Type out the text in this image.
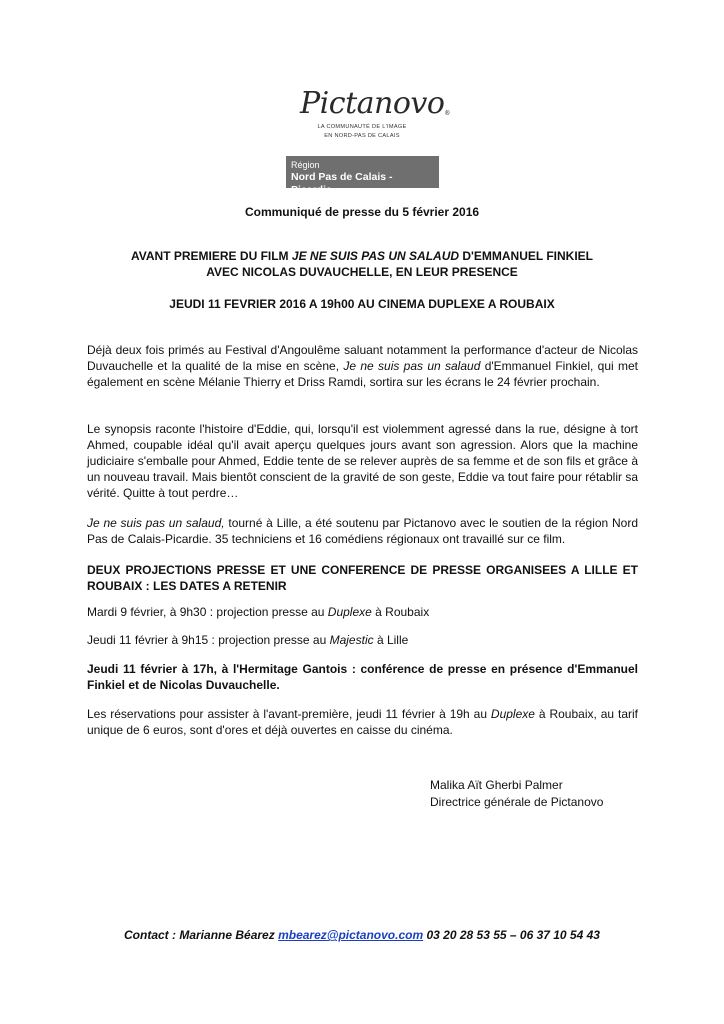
Pictanovo®
LA COMMUNAUTÉ DE L'IMAGE
EN NORD-PAS DE CALAIS
Région
Nord Pas de Calais - Picardie
Communiqué de presse du 5 février 2016
AVANT PREMIERE DU FILM JE NE SUIS PAS UN SALAUD D'EMMANUEL FINKIEL
AVEC NICOLAS DUVAUCHELLE, EN LEUR PRESENCE
JEUDI 11 FEVRIER 2016 A 19h00 AU CINEMA DUPLEXE A ROUBAIX

Déjà deux fois primés au Festival d'Angoulême saluant notamment la performance d'acteur de Nicolas Duvauchelle et la qualité de la mise en scène, Je ne suis pas un salaud d'Emmanuel Finkiel, qui met également en scène Mélanie Thierry et Driss Ramdi, sortira sur les écrans le 24 février prochain.

Le synopsis raconte l'histoire d'Eddie, qui, lorsqu'il est violemment agressé dans la rue, désigne à tort Ahmed, coupable idéal qu'il avait aperçu quelques jours avant son agression. Alors que la machine judiciaire s'emballe pour Ahmed, Eddie tente de se relever auprès de sa femme et de son fils et grâce à un nouveau travail. Mais bientôt conscient de la gravité de son geste, Eddie va tout faire pour rétablir sa vérité. Quitte à tout perdre…

Je ne suis pas un salaud, tourné à Lille, a été soutenu par Pictanovo avec le soutien de la région Nord Pas de Calais-Picardie. 35 techniciens et 16 comédiens régionaux ont travaillé sur ce film.

DEUX PROJECTIONS PRESSE ET UNE CONFERENCE DE PRESSE ORGANISEES A LILLE ET ROUBAIX : LES DATES A RETENIR

Mardi 9 février, à 9h30 : projection presse au Duplexe à Roubaix

Jeudi 11 février à 9h15 : projection presse au Majestic à Lille

Jeudi 11 février à 17h, à l'Hermitage Gantois : conférence de presse en présence d'Emmanuel Finkiel et de Nicolas Duvauchelle.

Les réservations pour assister à l'avant-première, jeudi 11 février à 19h au Duplexe à Roubaix, au tarif unique de 6 euros, sont d'ores et déjà ouvertes en caisse du cinéma.

Malika Aït Gherbi Palmer
Directrice générale de Pictanovo
Contact : Marianne Béarez mbearez@pictanovo.com 03 20 28 53 55 – 06 37 10 54 43
